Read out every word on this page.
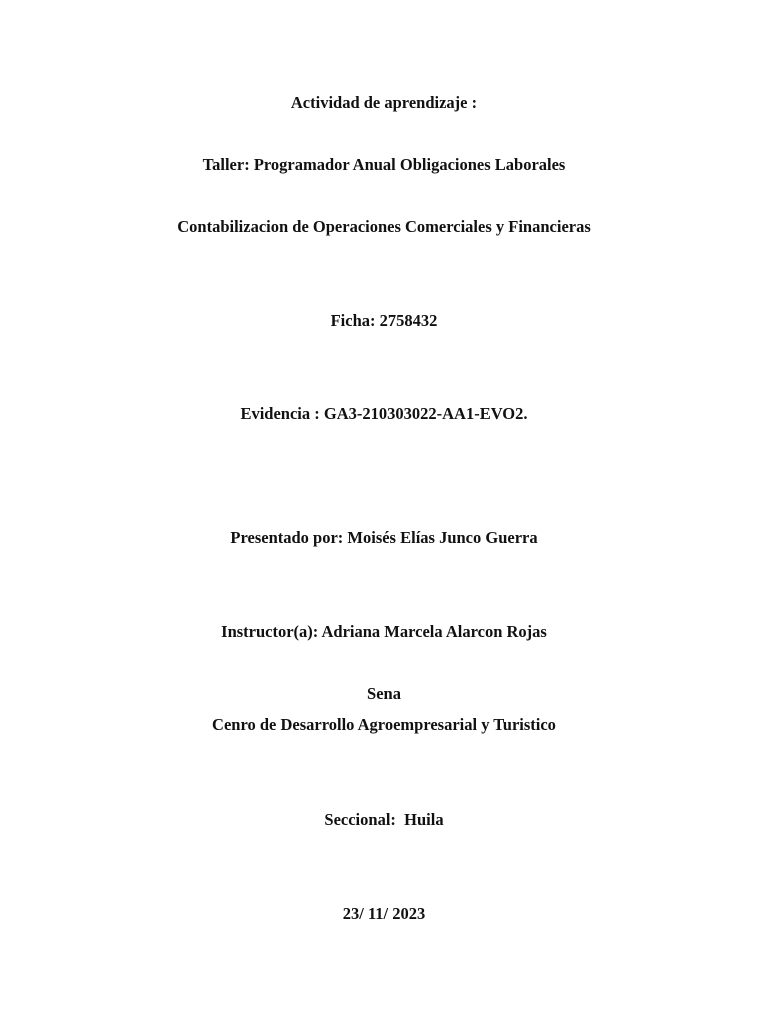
Actividad de aprendizaje :
Taller: Programador Anual Obligaciones Laborales
Contabilizacion de Operaciones Comerciales y Financieras
Ficha: 2758432
Evidencia : GA3-210303022-AA1-EVO2.
Presentado por: Moisés Elías Junco Guerra
Instructor(a): Adriana Marcela Alarcon Rojas
Sena
Cenro de Desarrollo Agroempresarial y Turistico
Seccional:  Huila
23/ 11/ 2023
